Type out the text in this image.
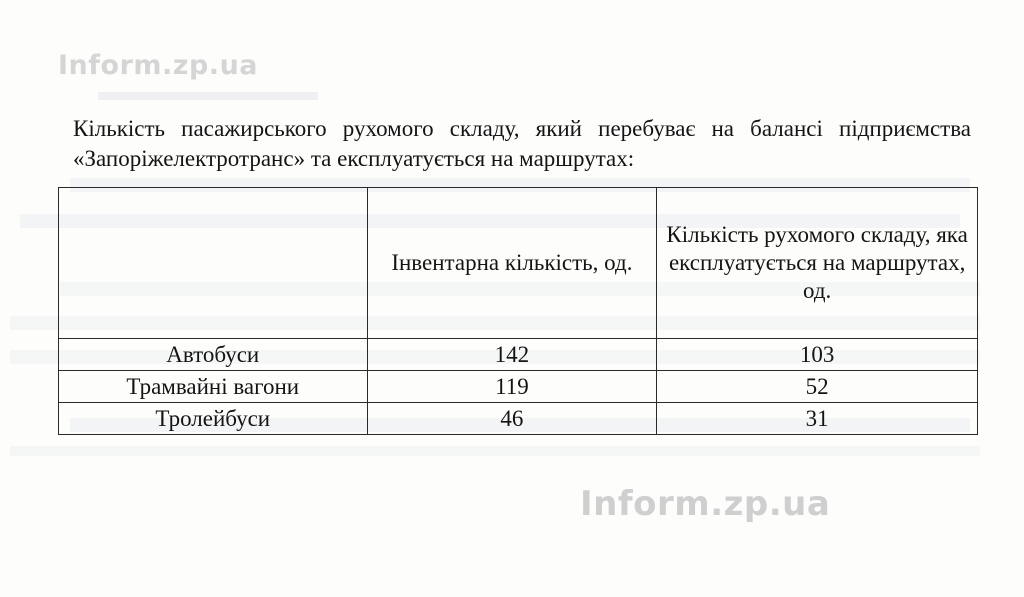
Inform.zp.ua

Кількість пасажирського рухомого складу, який перебуває на балансі підприємства «Запоріжелектротранс» та експлуатується на маршрутах:

	Інвентарна кількість, од.	Кількість рухомого складу, яка експлуатується на маршрутах, од.
Автобуси	142	103
Трамвайні вагони	119	52
Тролейбуси	46	31
Inform.zp.ua
